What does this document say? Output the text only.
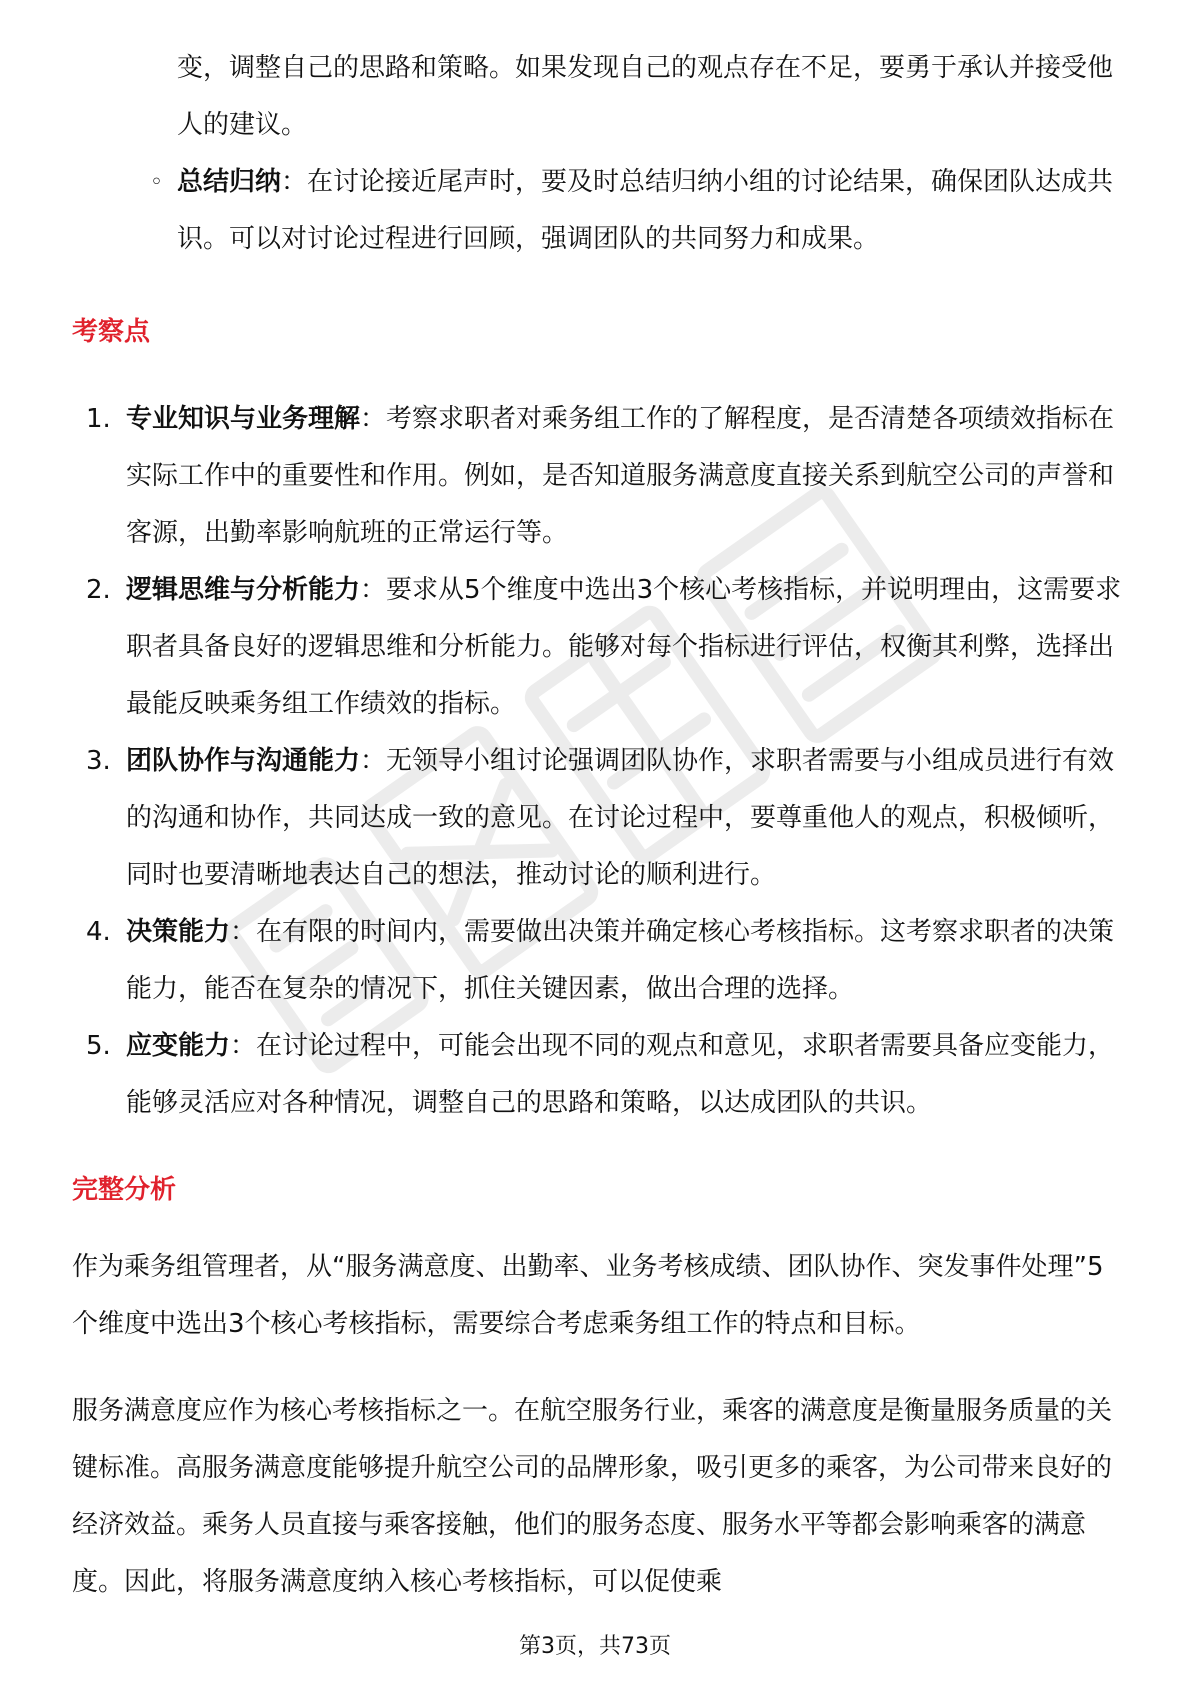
变，调整自己的思路和策略。如果发现自己的观点存在不足，要勇于承认并接受他人的建议。

◦ 总结归纳：在讨论接近尾声时，要及时总结归纳小组的讨论结果，确保团队达成共识。可以对讨论过程进行回顾，强调团队的共同努力和成果。

考察点
1. 专业知识与业务理解：考察求职者对乘务组工作的了解程度，是否清楚各项绩效指标在实际工作中的重要性和作用。例如，是否知道服务满意度直接关系到航空公司的声誉和客源，出勤率影响航班的正常运行等。
2. 逻辑思维与分析能力：要求从5个维度中选出3个核心考核指标，并说明理由，这需要求职者具备良好的逻辑思维和分析能力。能够对每个指标进行评估，权衡其利弊，选择出最能反映乘务组工作绩效的指标。
3. 团队协作与沟通能力：无领导小组讨论强调团队协作，求职者需要与小组成员进行有效的沟通和协作，共同达成一致的意见。在讨论过程中，要尊重他人的观点，积极倾听，同时也要清晰地表达自己的想法，推动讨论的顺利进行。
4. 决策能力：在有限的时间内，需要做出决策并确定核心考核指标。这考察求职者的决策能力，能否在复杂的情况下，抓住关键因素，做出合理的选择。
5. 应变能力：在讨论过程中，可能会出现不同的观点和意见，求职者需要具备应变能力，能够灵活应对各种情况，调整自己的思路和策略，以达成团队的共识。
完整分析

作为乘务组管理者，从“服务满意度、出勤率、业务考核成绩、团队协作、突发事件处理”5个维度中选出3个核心考核指标，需要综合考虑乘务组工作的特点和目标。

服务满意度应作为核心考核指标之一。在航空服务行业，乘客的满意度是衡量服务质量的关键标准。高服务满意度能够提升航空公司的品牌形象，吸引更多的乘客，为公司带来良好的经济效益。乘务人员直接与乘客接触，他们的服务态度、服务水平等都会影响乘客的满意度。因此，将服务满意度纳入核心考核指标，可以促使乘

第3页，共73页
